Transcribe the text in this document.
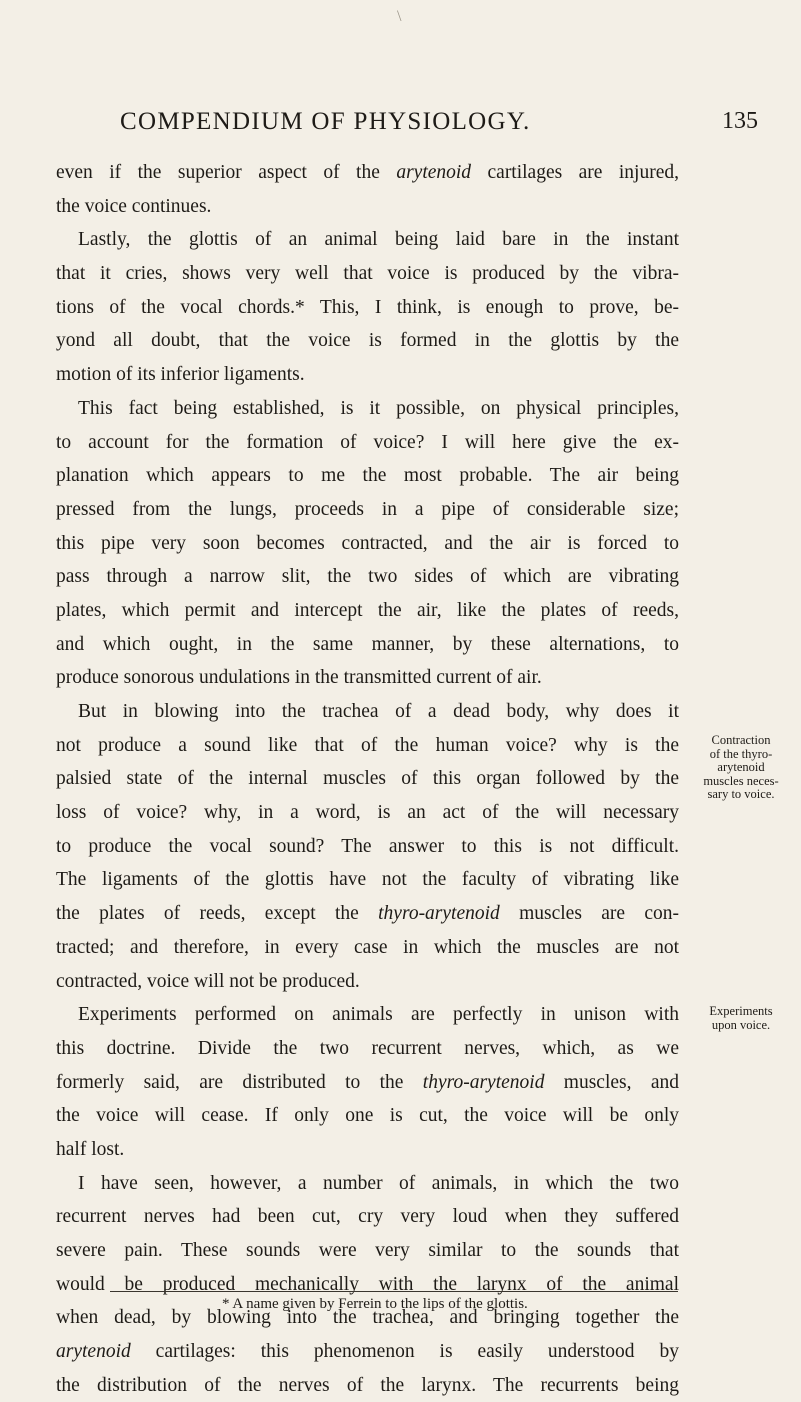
\
COMPENDIUM OF PHYSIOLOGY.	135
even if the superior aspect of the arytenoid cartilages are injured,
the voice continues.
Lastly, the glottis of an animal being laid bare in the instant
that it cries, shows very well that voice is produced by the vibra-
tions of the vocal chords.* This, I think, is enough to prove, be-
yond all doubt, that the voice is formed in the glottis by the
motion of its inferior ligaments.
This fact being established, is it possible, on physical principles,
to account for the formation of voice? I will here give the ex-
planation which appears to me the most probable. The air being
pressed from the lungs, proceeds in a pipe of considerable size;
this pipe very soon becomes contracted, and the air is forced to
pass through a narrow slit, the two sides of which are vibrating
plates, which permit and intercept the air, like the plates of reeds,
and which ought, in the same manner, by these alternations, to
produce sonorous undulations in the transmitted current of air.
But in blowing into the trachea of a dead body, why does it
not produce a sound like that of the human voice? why is the
palsied state of the internal muscles of this organ followed by the
loss of voice? why, in a word, is an act of the will necessary
to produce the vocal sound? The answer to this is not difficult.
The ligaments of the glottis have not the faculty of vibrating like
the plates of reeds, except the thyro-arytenoid muscles are con-
tracted; and therefore, in every case in which the muscles are not
contracted, voice will not be produced.
Experiments performed on animals are perfectly in unison with
this doctrine. Divide the two recurrent nerves, which, as we
formerly said, are distributed to the thyro-arytenoid muscles, and
the voice will cease. If only one is cut, the voice will be only
half lost.
I have seen, however, a number of animals, in which the two
recurrent nerves had been cut, cry very loud when they suffered
severe pain. These sounds were very similar to the sounds that
would be produced mechanically with the larynx of the animal
when dead, by blowing into the trachea, and bringing together the
arytenoid cartilages: this phenomenon is easily understood by
the distribution of the nerves of the larynx. The recurrents being
Contraction
of the thyro-
arytenoid
muscles neces-
sary to voice.
Experiments
upon voice.
* A name given by Ferrein to the lips of the glottis.
